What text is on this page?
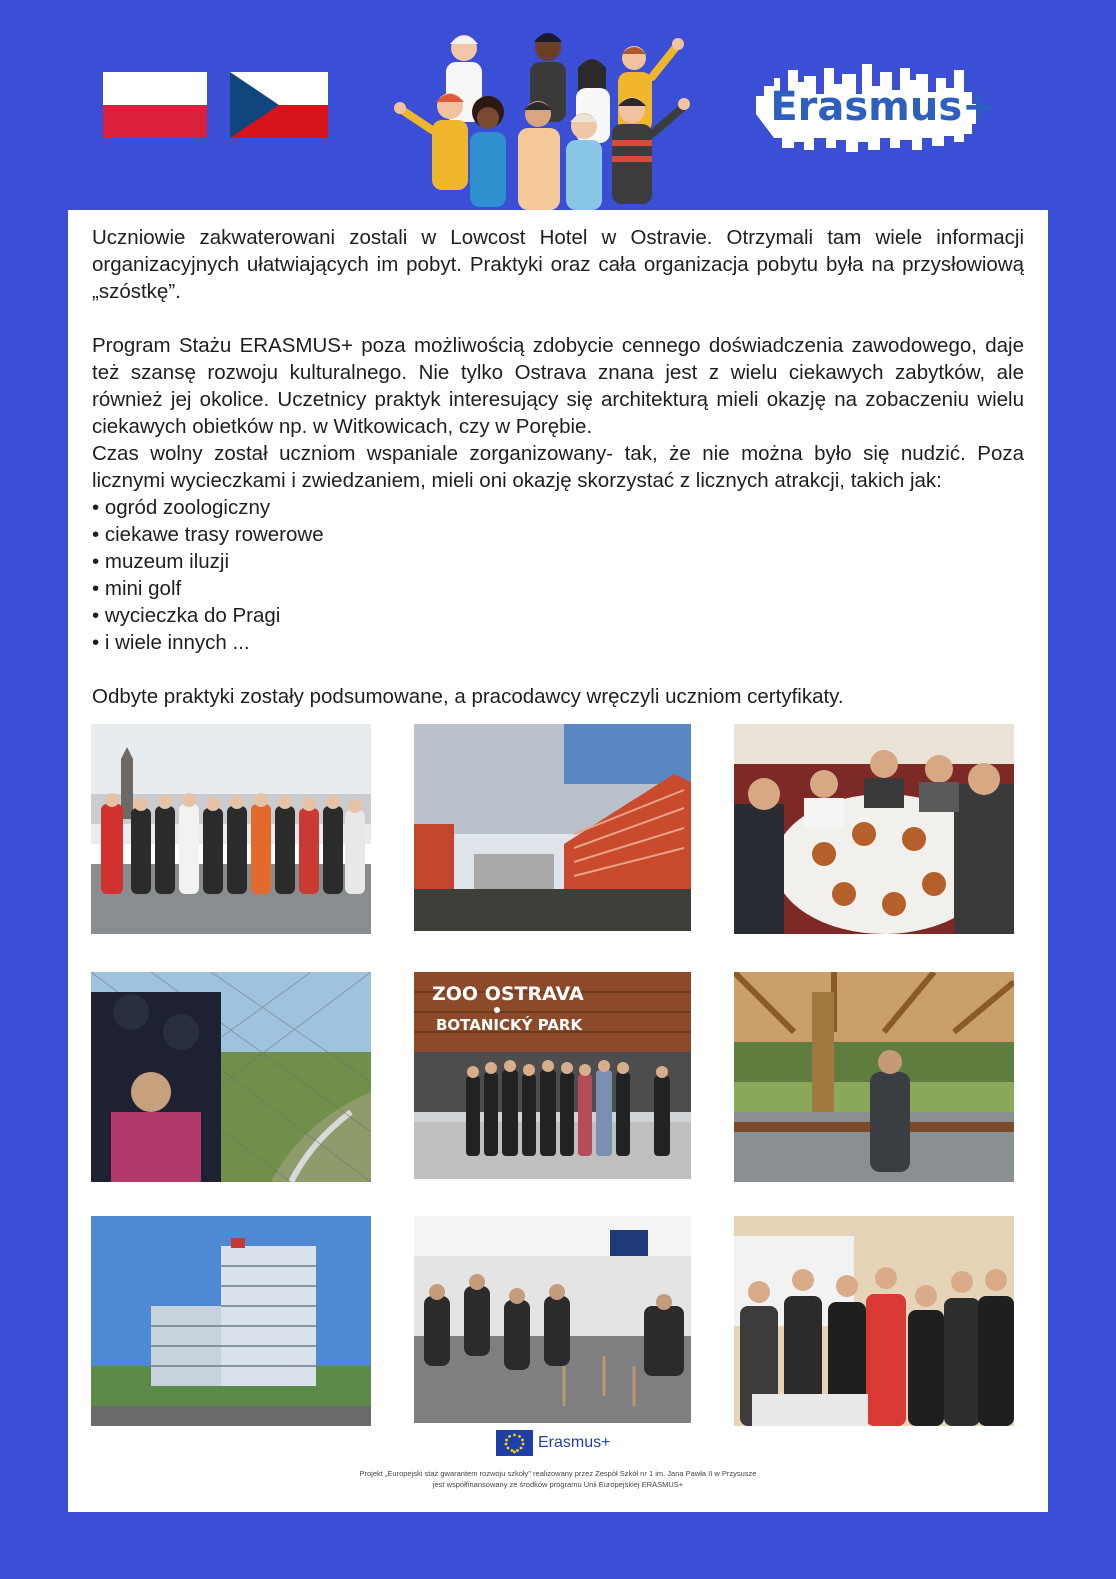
Erasmus+

Uczniowie zakwaterowani zostali w Lowcost Hotel w Ostravie. Otrzymali tam wiele informacji organizacyjnych ułatwiających im pobyt. Praktyki oraz cała organizacja pobytu była na przysłowiową „szóstkę”.

Program Stażu ERASMUS+ poza możliwością zdobycie cennego doświadczenia zawodowego, daje też szansę rozwoju kulturalnego. Nie tylko Ostrava znana jest z wielu ciekawych zabytków, ale również jej okolice. Uczetnicy praktyk interesujący się architekturą mieli okazję na zobaczeniu wielu ciekawych obietków np. w Witkowicach, czy w Porębie.

Czas wolny został uczniom wspaniale zorganizowany- tak, że nie można było się nudzić. Poza licznymi wycieczkami i zwiedzaniem, mieli oni okazję skorzystać z licznych atrakcji, takich jak:

• ogród zoologiczny
• ciekawe trasy rowerowe
• muzeum iluzji
• mini golf
• wycieczka do Pragi
• i wiele innych ...

Odbyte praktyki zostały podsumowane, a pracodawcy wręczyli uczniom certyfikaty.

ZOO OSTRAVA
BOTANICKÝ PARK
Erasmus+
Projekt „Europejski staż gwarantem rozwoju szkoły" realizowany przez Zespół Szkół nr 1 im. Jana Pawła II w Przysusze
jest współfinansowany ze środków programu Unii Europejskiej ERASMUS+
